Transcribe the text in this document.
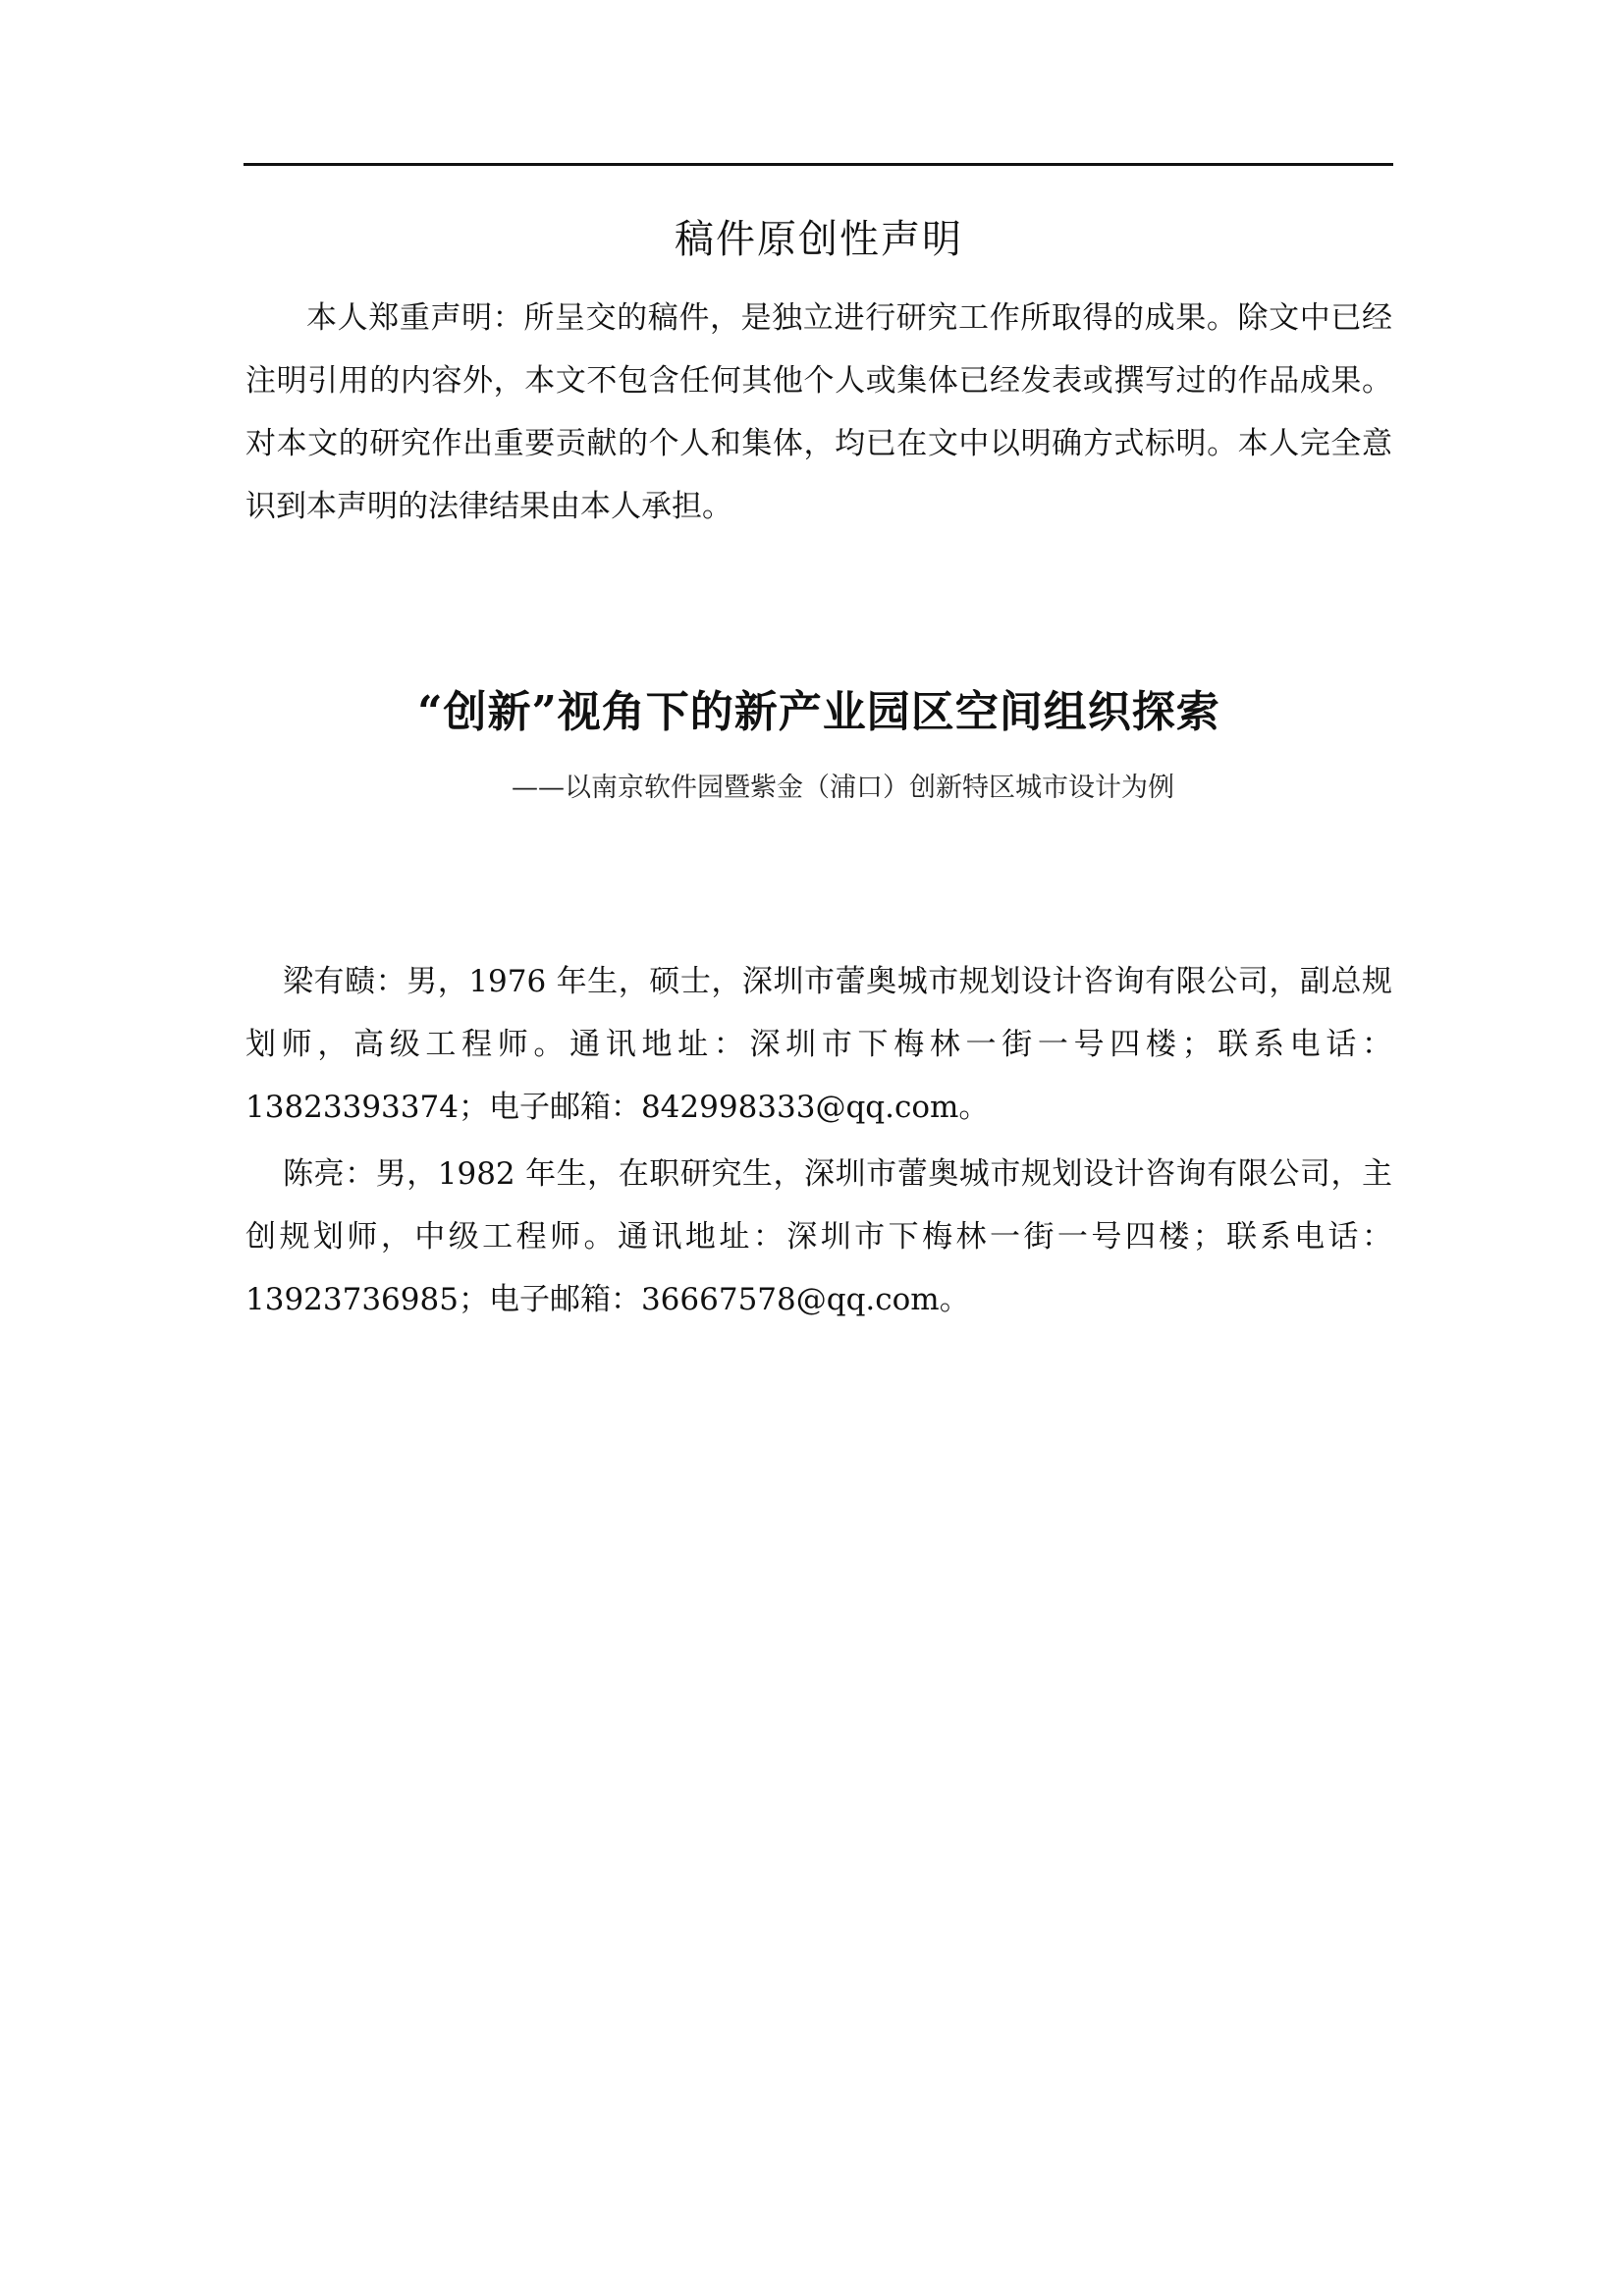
稿件原创性声明

本人郑重声明：所呈交的稿件，是独立进行研究工作所取得的成果。除文中已经注明引用的内容外，本文不包含任何其他个人或集体已经发表或撰写过的作品成果。对本文的研究作出重要贡献的个人和集体，均已在文中以明确方式标明。本人完全意识到本声明的法律结果由本人承担。

“创新”视角下的新产业园区空间组织探索
——以南京软件园暨紫金（浦口）创新特区城市设计为例

梁有赜：男，1976 年生，硕士，深圳市蕾奥城市规划设计咨询有限公司，副总规划师，高级工程师。通讯地址：深圳市下梅林一街一号四楼；联系电话：13823393374；电子邮箱：842998333@qq.com。

陈亮：男，1982 年生，在职研究生，深圳市蕾奥城市规划设计咨询有限公司，主创规划师，中级工程师。通讯地址：深圳市下梅林一街一号四楼；联系电话：13923736985；电子邮箱：36667578@qq.com。
